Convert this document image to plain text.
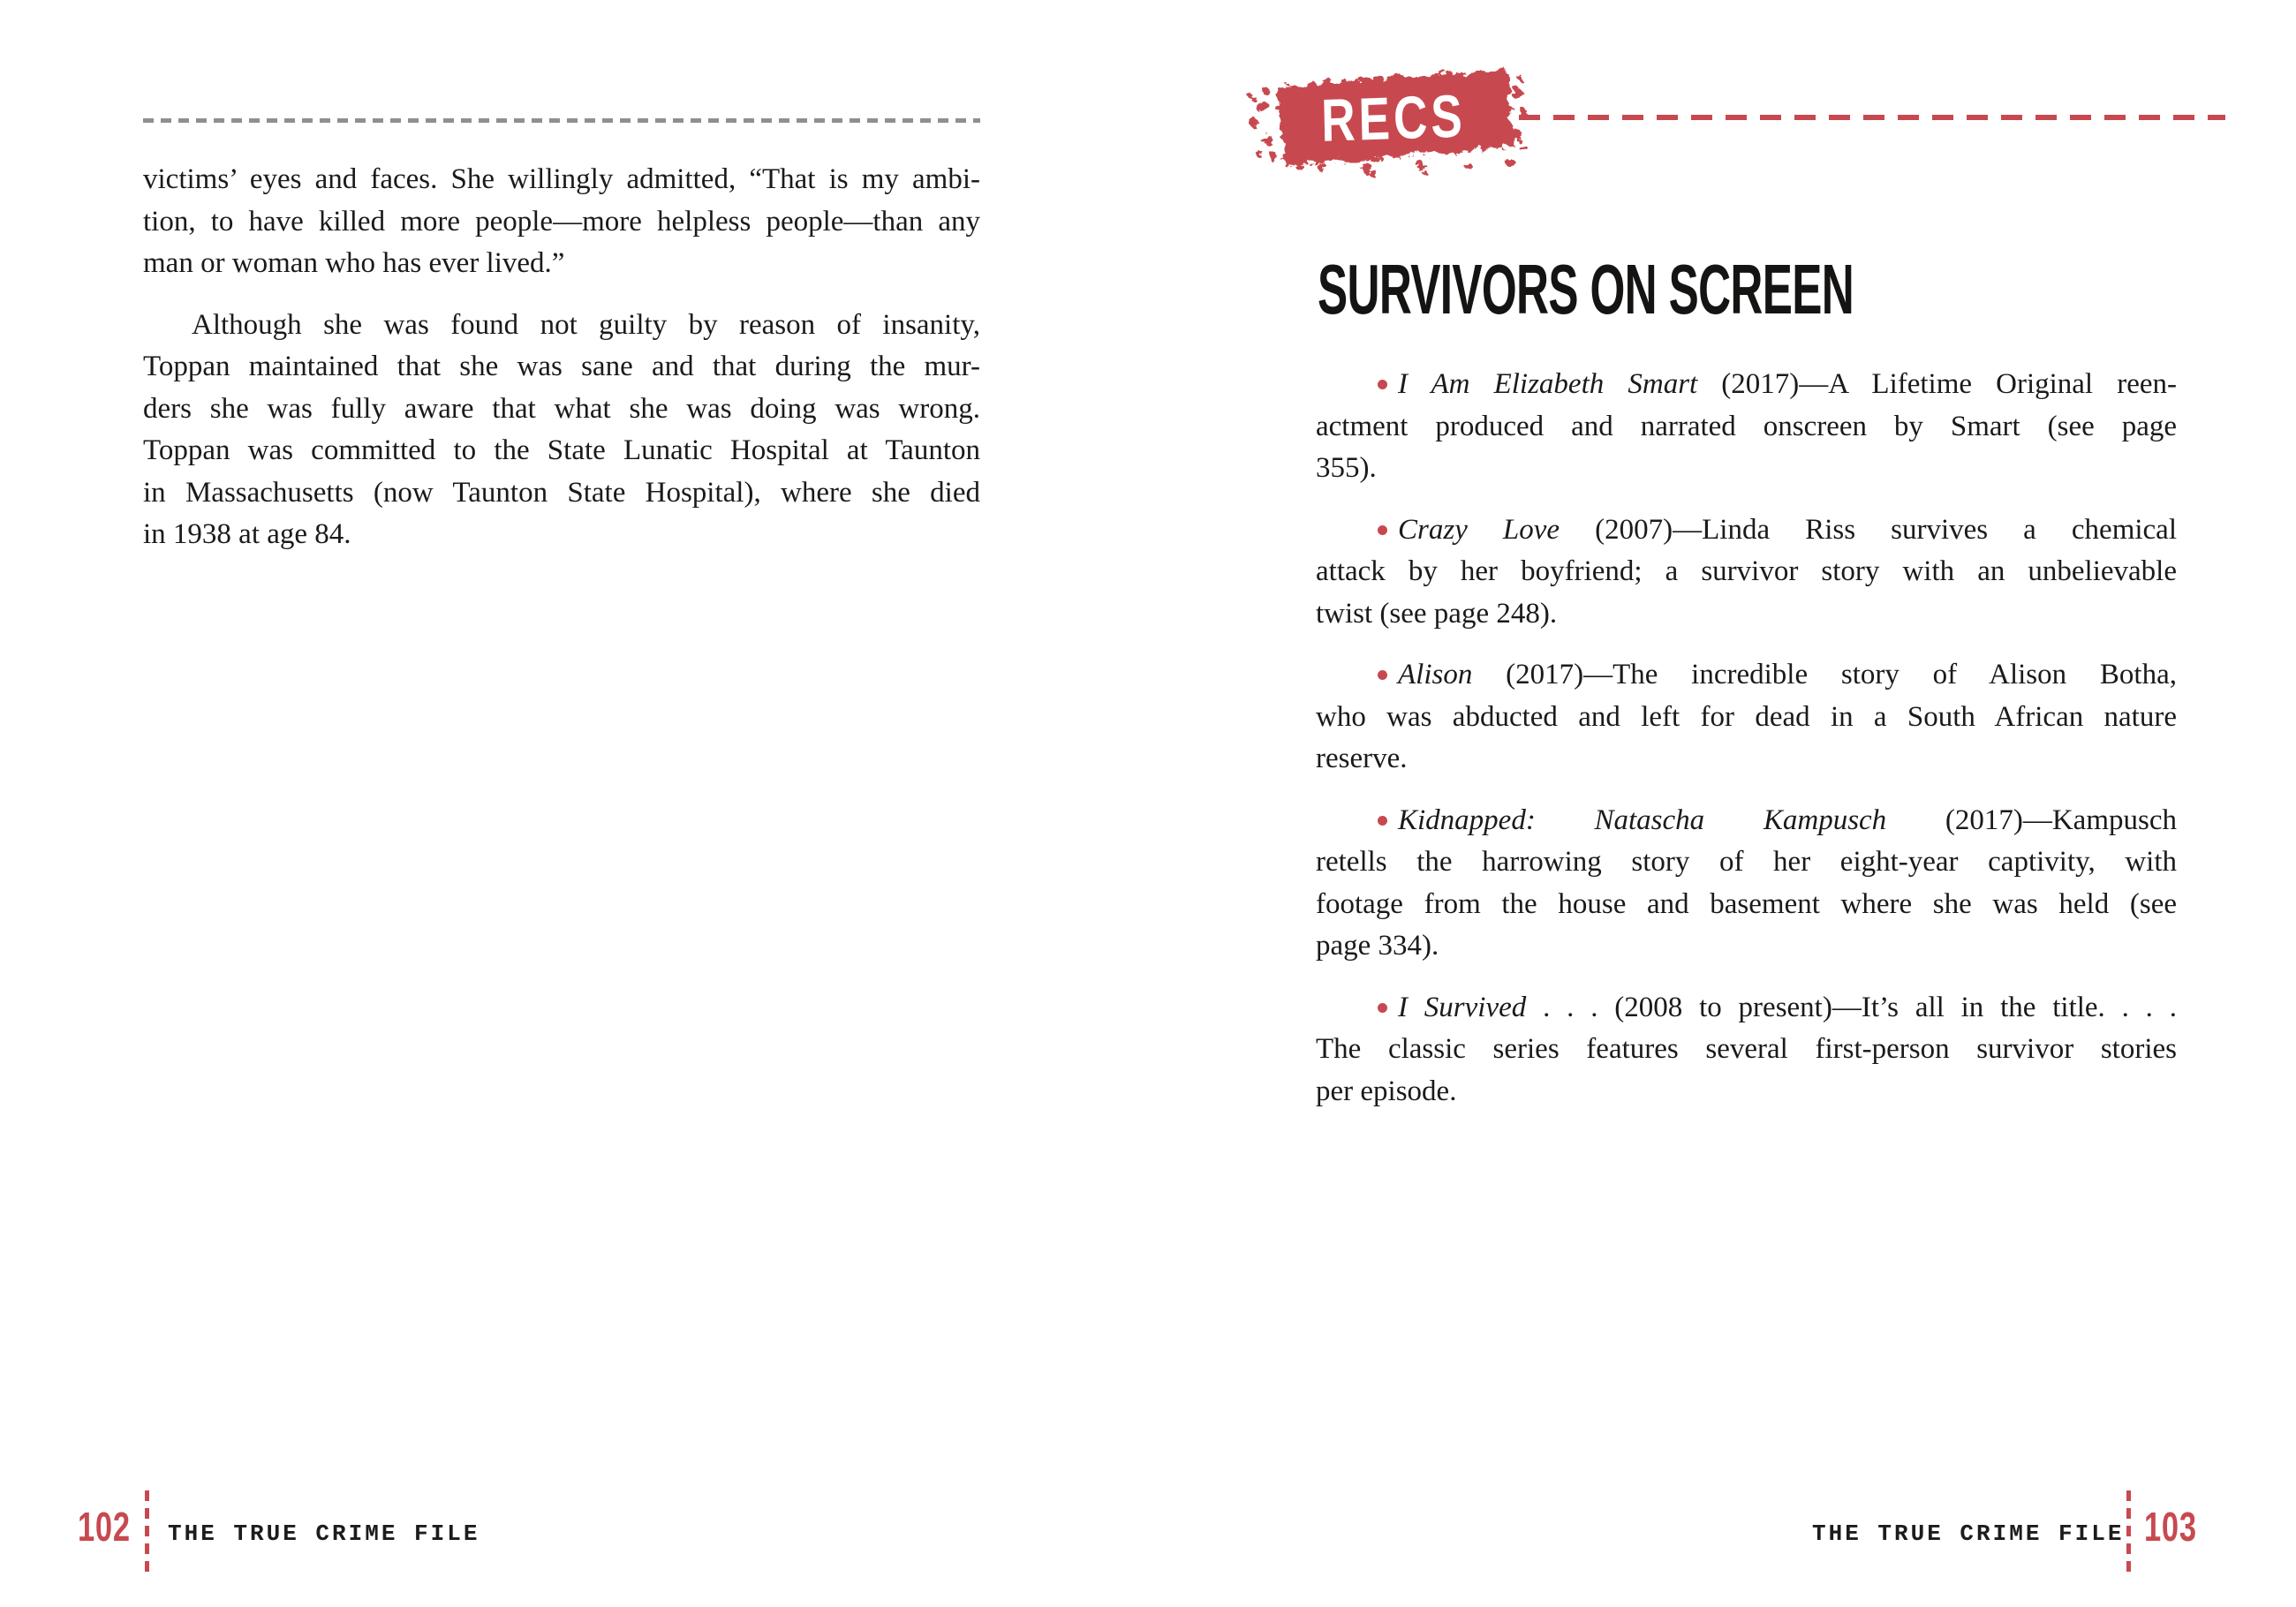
victims’ eyes and faces. She willingly admitted, “That is my ambi-
tion, to have killed more people—more helpless people—than any
man or woman who has ever lived.”
Although she was found not guilty by reason of insanity,
Toppan maintained that she was sane and that during the mur-
ders she was fully aware that what she was doing was wrong.
Toppan was committed to the State Lunatic Hospital at Taunton
in Massachusetts (now Taunton State Hospital), where she died
in 1938 at age 84.
102 THE TRUE CRIME FILE
RECS
SURVIVORS ON SCREEN
I Am Elizabeth Smart (2017)—A Lifetime Original reen-
actment produced and narrated onscreen by Smart (see page
355).
Crazy Love (2007)—Linda Riss survives a chemical
attack by her boyfriend; a survivor story with an unbelievable
twist (see page 248).
Alison (2017)—The incredible story of Alison Botha,
who was abducted and left for dead in a South African nature
reserve.
Kidnapped: Natascha Kampusch (2017)—Kampusch
retells the harrowing story of her eight-year captivity, with
footage from the house and basement where she was held (see
page 334).
I Survived . . . (2008 to present)—It’s all in the title. . . .
The classic series features several first-person survivor stories
per episode.
THE TRUE CRIME FILE 103
